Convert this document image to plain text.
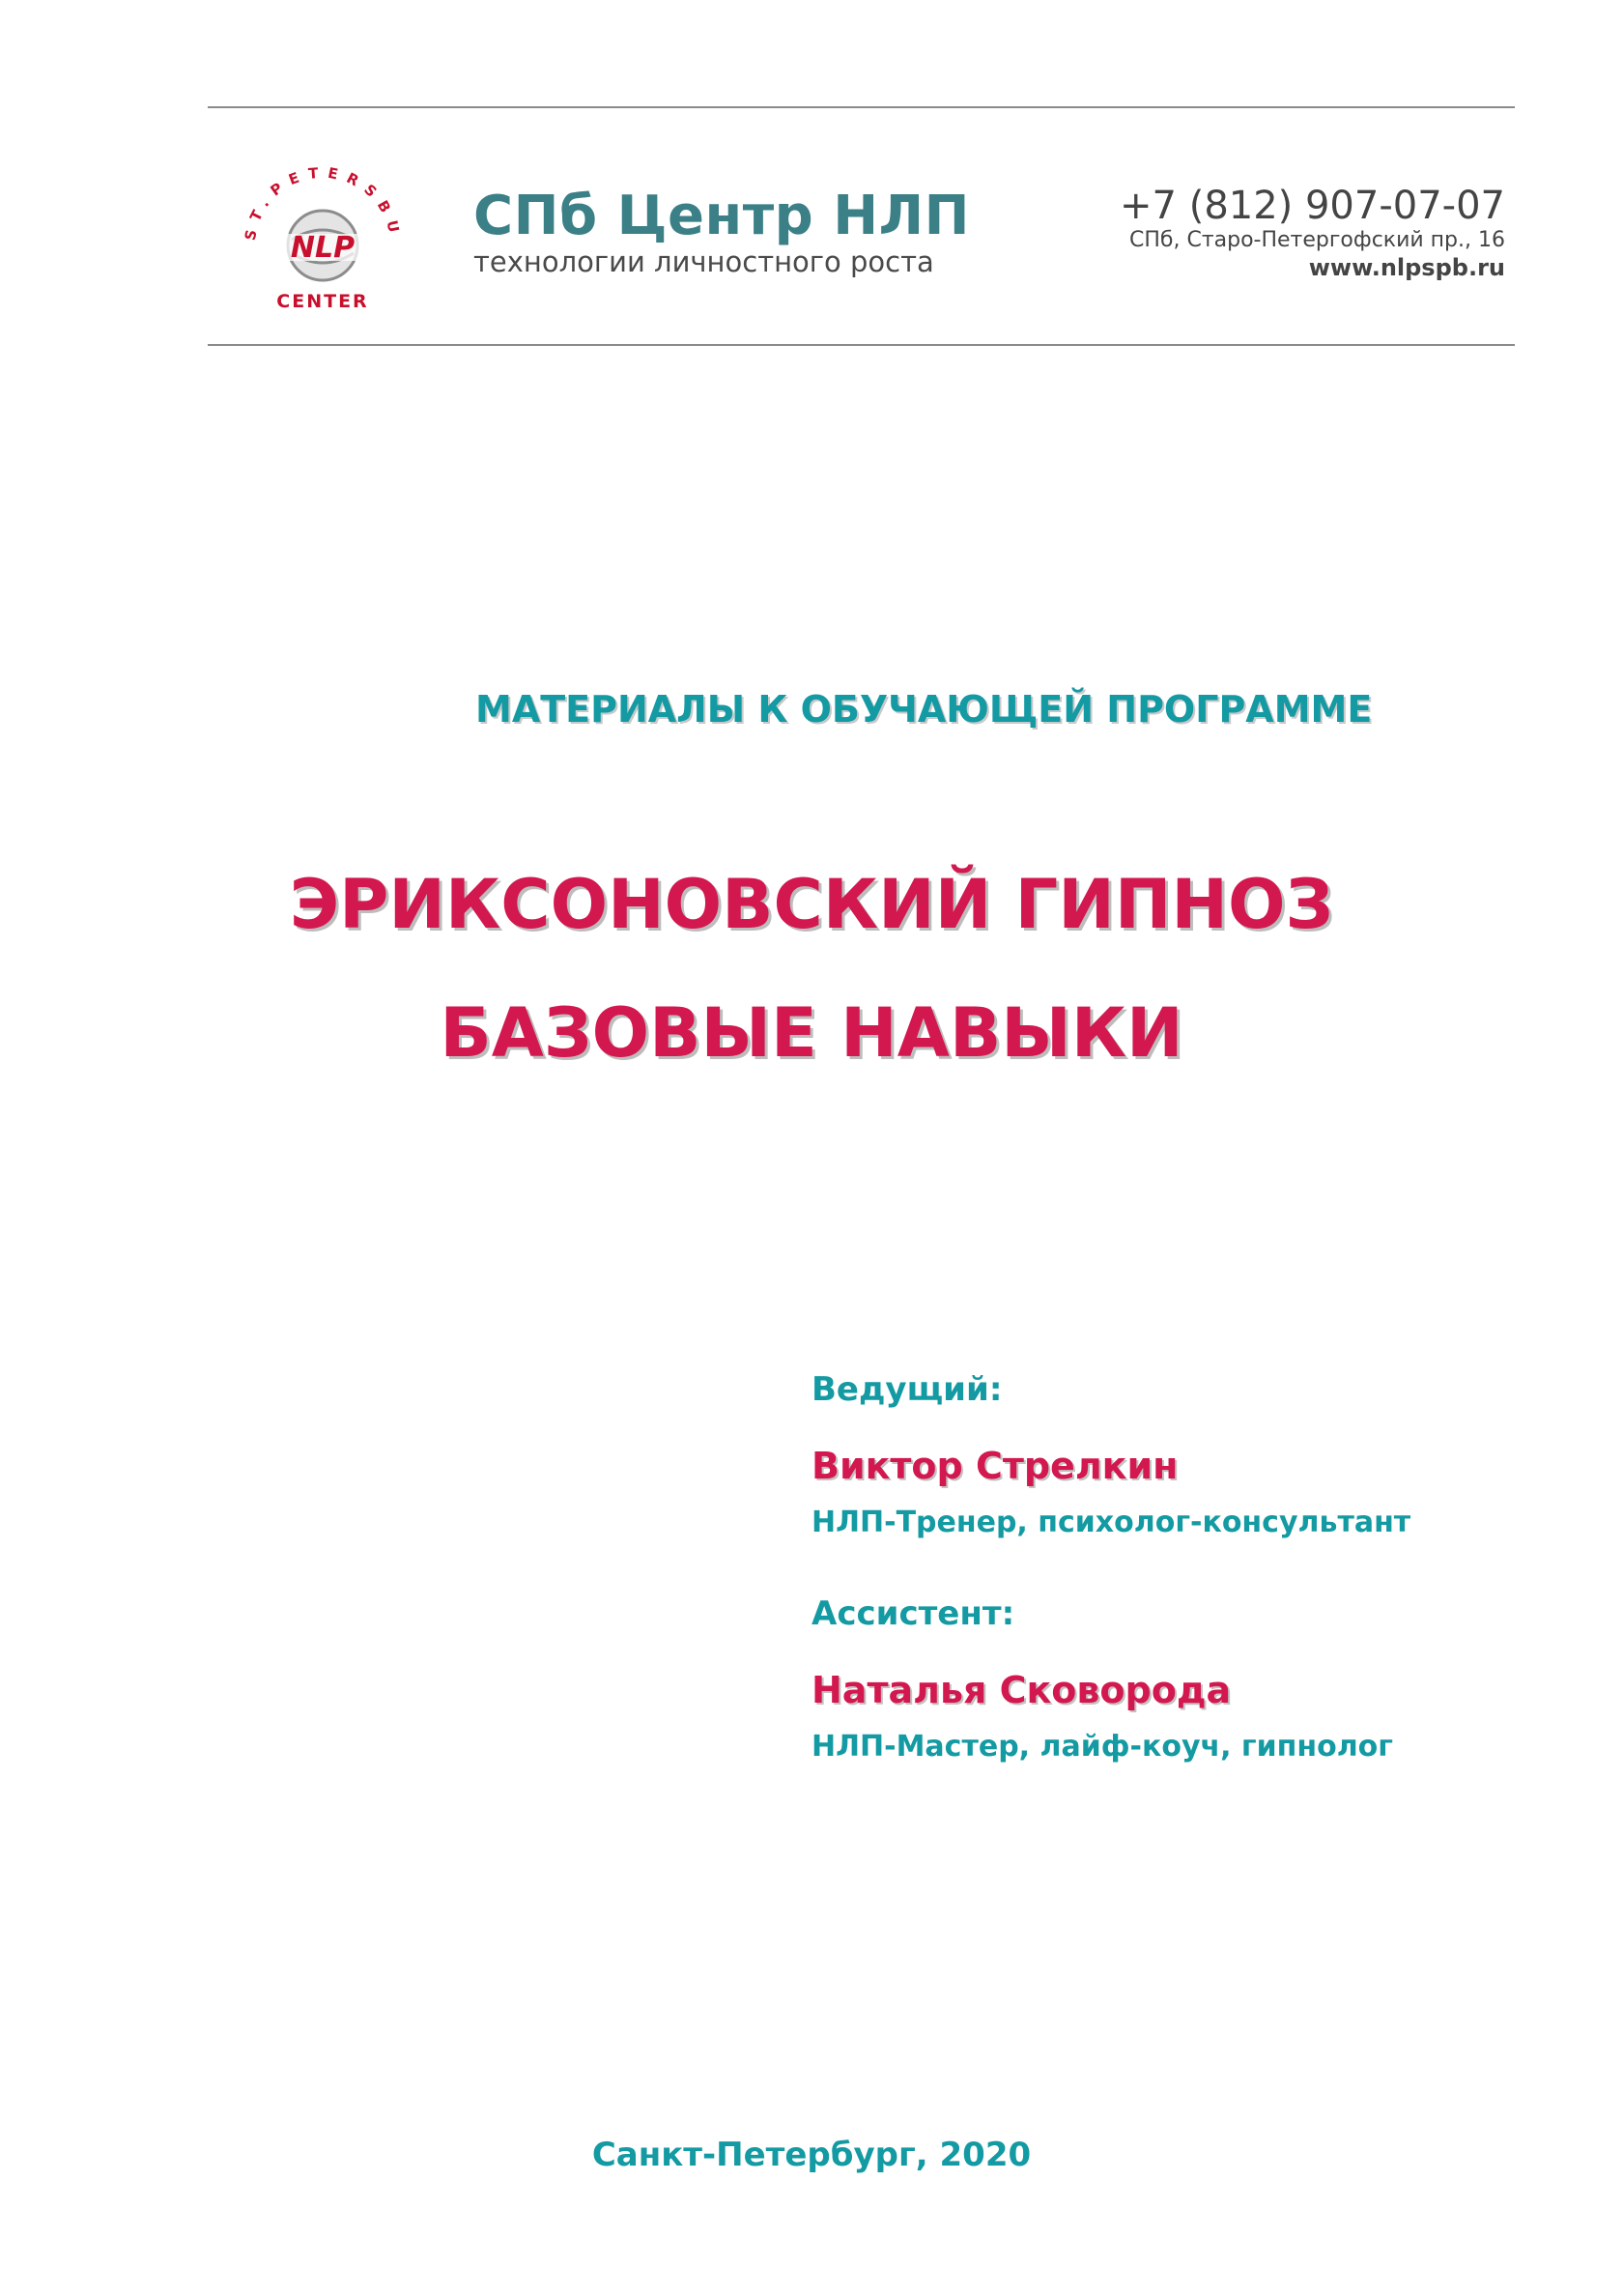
ST.PETERSBU
NLP
CENTER
СПб Центр НЛП
технологии личностного роста
+7 (812) 907-07-07
СПб, Старо-Петергофский пр., 16
www.nlpspb.ru
МАТЕРИАЛЫ К ОБУЧАЮЩЕЙ ПРОГРАММЕ
ЭРИКСОНОВСКИЙ ГИПНОЗ
БАЗОВЫЕ НАВЫКИ
Ведущий:
Виктор Стрелкин
НЛП-Тренер, психолог-консультант
Ассистент:
Наталья Сковорода
НЛП-Мастер, лайф-коуч, гипнолог
Санкт-Петербург, 2020
